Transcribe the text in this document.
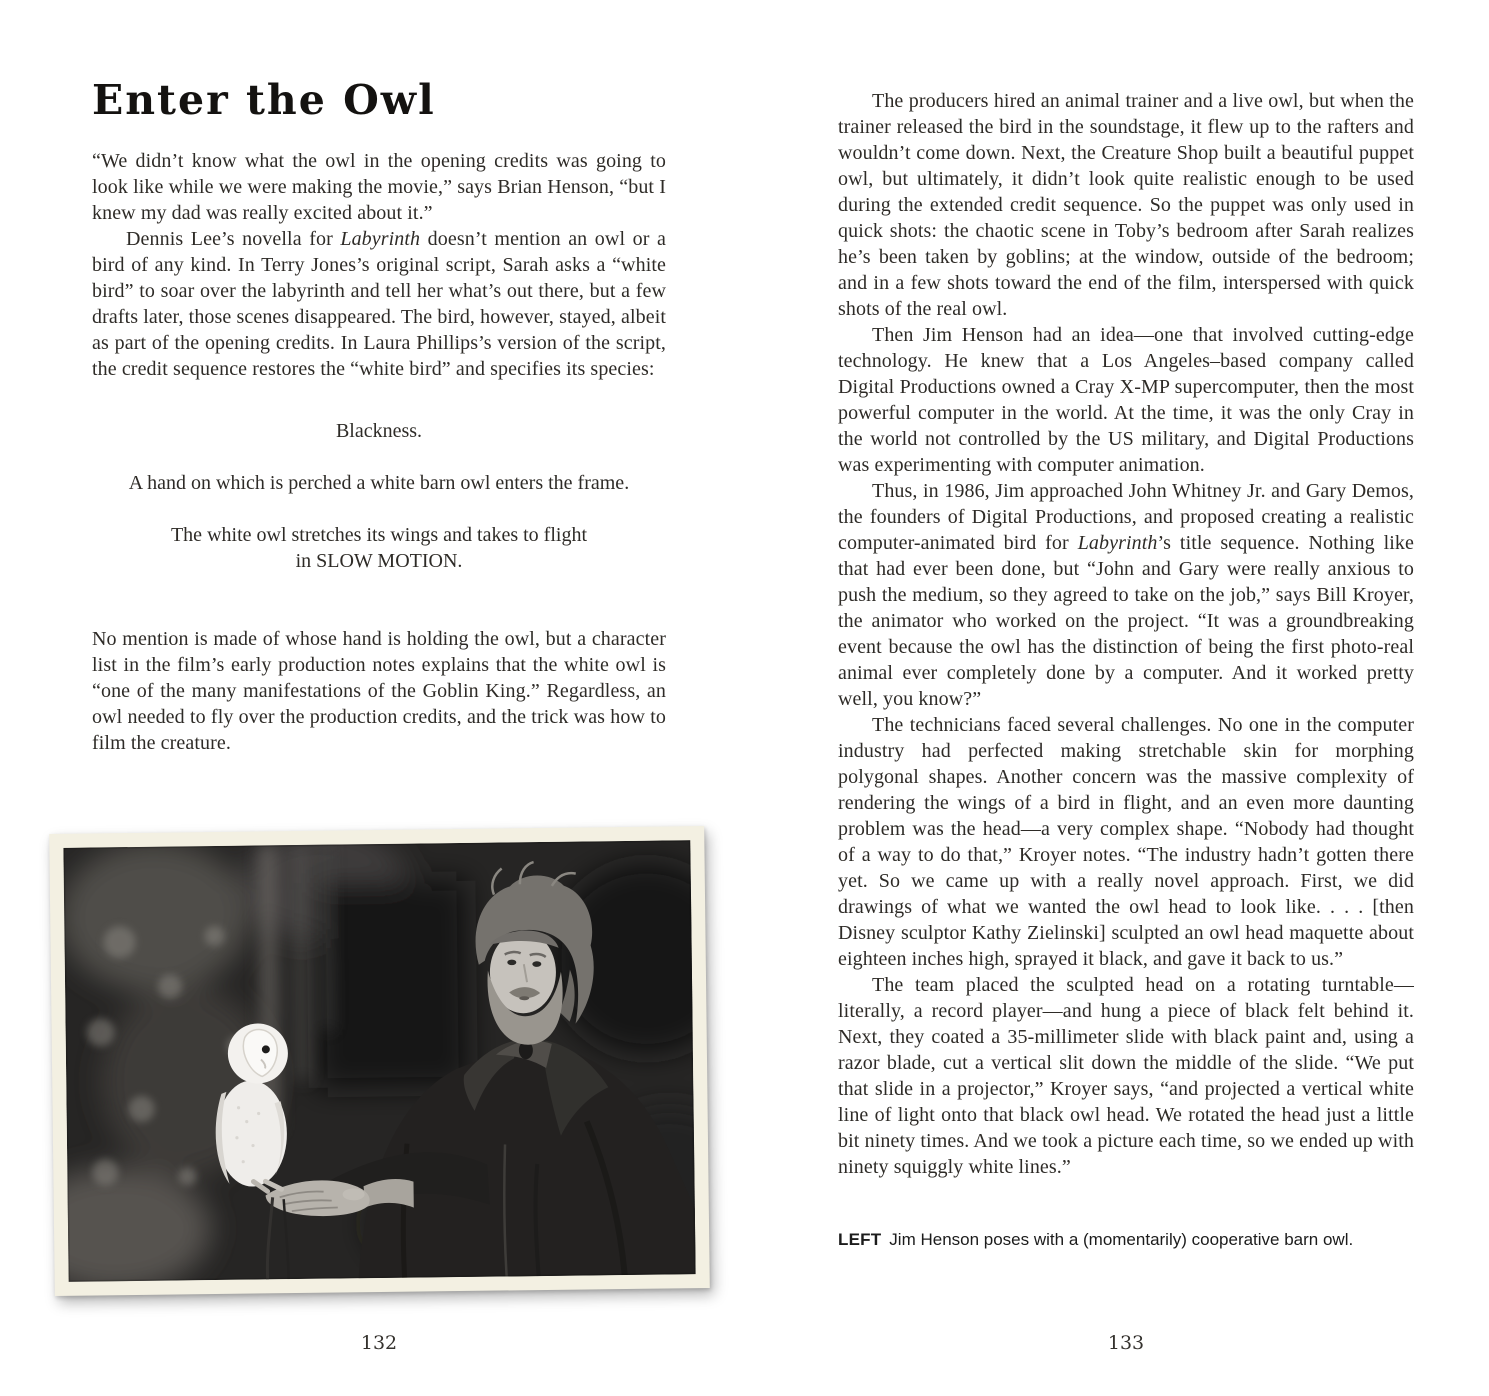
Enter the Owl

“We didn’t know what the owl in the opening credits was going to look like while we were making the movie,” says Brian Henson, “but I knew my dad was really excited about it.”

Dennis Lee’s novella for Labyrinth doesn’t mention an owl or a bird of any kind. In Terry Jones’s original script, Sarah asks a “white bird” to soar over the labyrinth and tell her what’s out there, but a few drafts later, those scenes disappeared. The bird, however, stayed, albeit as part of the opening credits. In Laura Phillips’s version of the script, the credit sequence restores the “white bird” and specifies its species:

Blackness.

A hand on which is perched a white barn owl enters the frame.

The white owl stretches its wings and takes to flight
in SLOW MOTION.

No mention is made of whose hand is holding the owl, but a character list in the film’s early production notes explains that the white owl is “one of the many manifestations of the Goblin King.” Regardless, an owl needed to fly over the production credits, and the trick was how to film the creature.

132

The producers hired an animal trainer and a live owl, but when the trainer released the bird in the soundstage, it flew up to the rafters and wouldn’t come down. Next, the Creature Shop built a beautiful puppet owl, but ultimately, it didn’t look quite realistic enough to be used during the extended credit sequence. So the puppet was only used in quick shots: the chaotic scene in Toby’s bedroom after Sarah realizes he’s been taken by goblins; at the window, outside of the bedroom; and in a few shots toward the end of the film, interspersed with quick shots of the real owl.

Then Jim Henson had an idea—one that involved cutting-edge technology. He knew that a Los Angeles–based company called Digital Productions owned a Cray X-MP supercomputer, then the most powerful computer in the world. At the time, it was the only Cray in the world not controlled by the US military, and Digital Productions was experimenting with computer animation.

Thus, in 1986, Jim approached John Whitney Jr. and Gary Demos, the founders of Digital Productions, and proposed creating a realistic computer-animated bird for Labyrinth’s title sequence. Nothing like that had ever been done, but “John and Gary were really anxious to push the medium, so they agreed to take on the job,” says Bill Kroyer, the animator who worked on the project. “It was a groundbreaking event because the owl has the distinction of being the first photo-real animal ever completely done by a computer. And it worked pretty well, you know?”

The technicians faced several challenges. No one in the computer industry had perfected making stretchable skin for morphing polygonal shapes. Another concern was the massive complexity of rendering the wings of a bird in flight, and an even more daunting problem was the head—a very complex shape. “Nobody had thought of a way to do that,” Kroyer notes. “The industry hadn’t gotten there yet. So we came up with a really novel approach. First, we did drawings of what we wanted the owl head to look like. . . . [then Disney sculptor Kathy Zielinski] sculpted an owl head maquette about eighteen inches high, sprayed it black, and gave it back to us.”

The team placed the sculpted head on a rotating turntable—literally, a record player—and hung a piece of black felt behind it. Next, they coated a 35-millimeter slide with black paint and, using a razor blade, cut a vertical slit down the middle of the slide. “We put that slide in a projector,” Kroyer says, “and projected a vertical white line of light onto that black owl head. We rotated the head just a little bit ninety times. And we took a picture each time, so we ended up with ninety squiggly white lines.”

LEFT Jim Henson poses with a (momentarily) cooperative barn owl.

133
